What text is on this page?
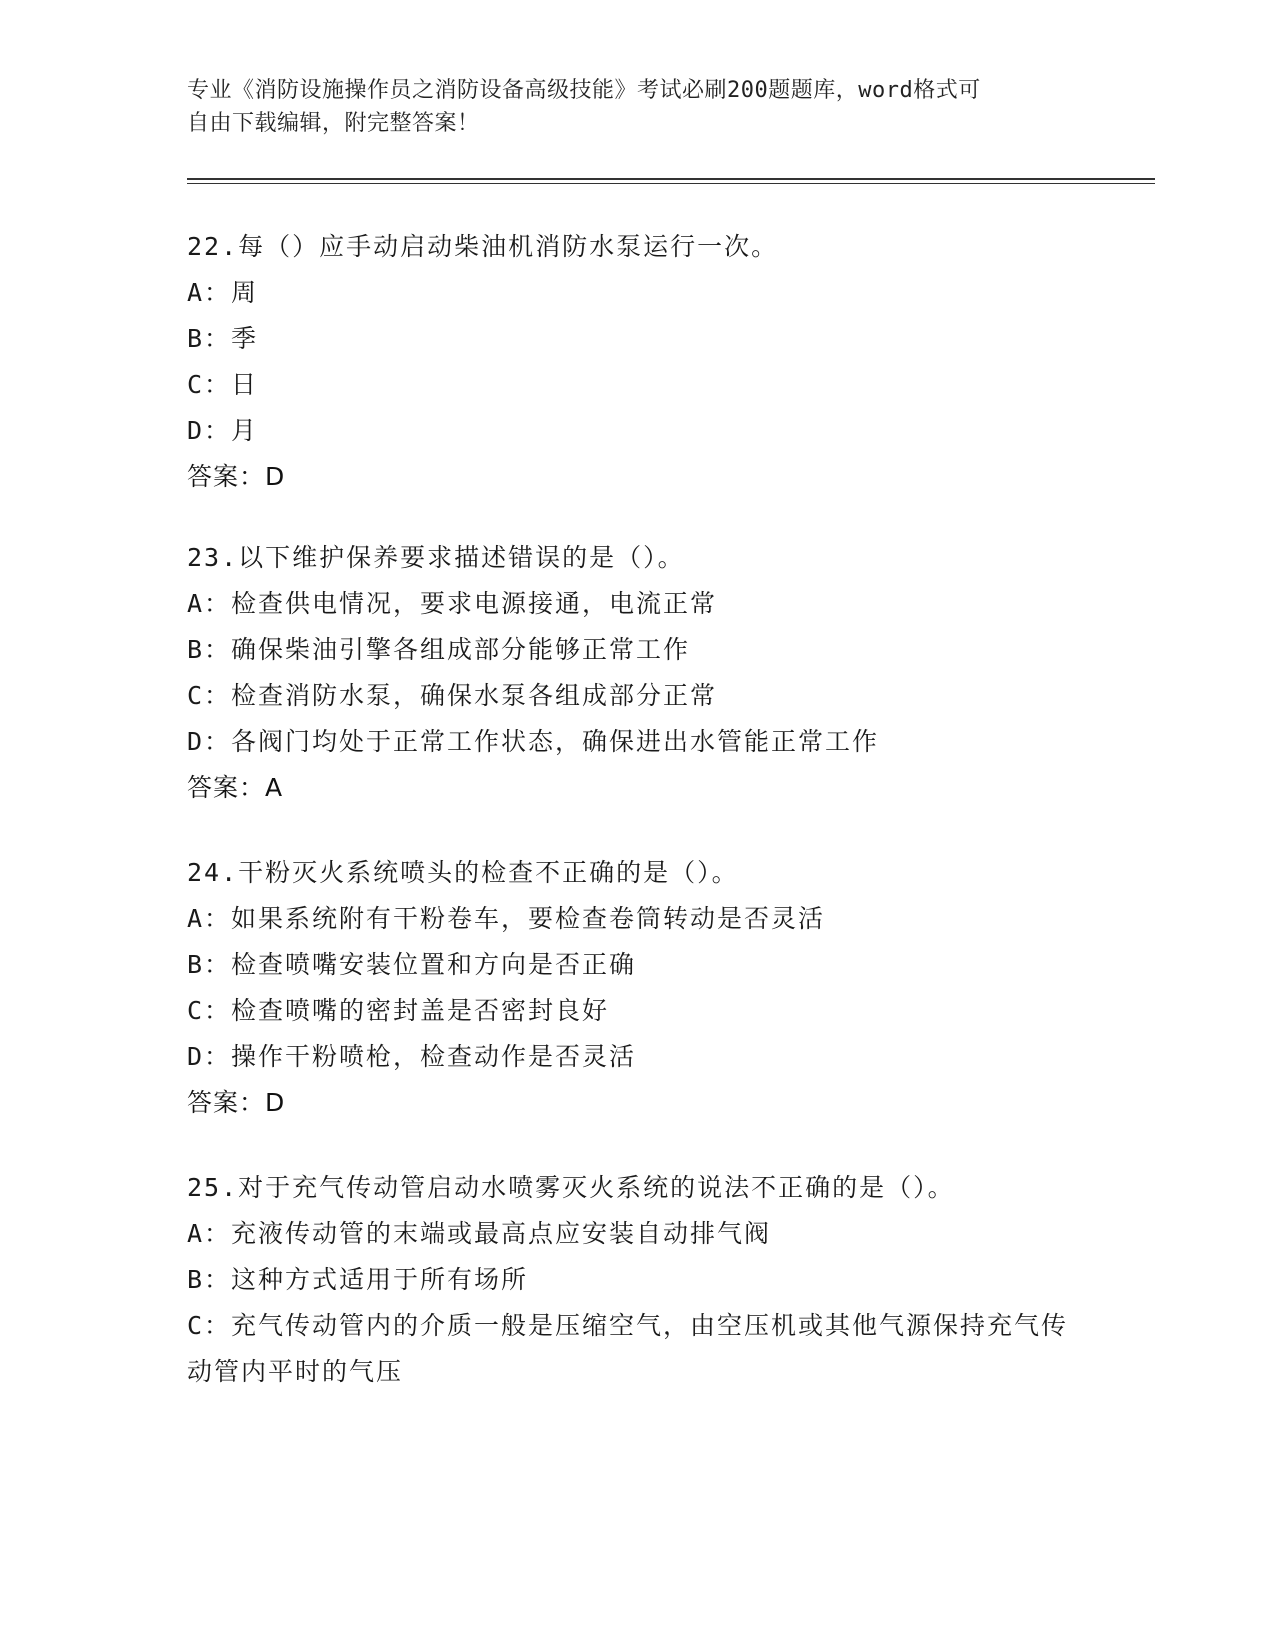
专业《消防设施操作员之消防设备高级技能》考试必刷200题题库，word格式可
自由下载编辑，附完整答案！
22.每（）应手动启动柴油机消防水泵运行一次。
A：周
B：季
C：日
D：月
答案：D
23.以下维护保养要求描述错误的是（）。
A：检查供电情况，要求电源接通，电流正常
B：确保柴油引擎各组成部分能够正常工作
C：检查消防水泵，确保水泵各组成部分正常
D：各阀门均处于正常工作状态，确保进出水管能正常工作
答案：A
24.干粉灭火系统喷头的检查不正确的是（）。
A：如果系统附有干粉卷车，要检查卷筒转动是否灵活
B：检查喷嘴安装位置和方向是否正确
C：检查喷嘴的密封盖是否密封良好
D：操作干粉喷枪，检查动作是否灵活
答案：D
25.对于充气传动管启动水喷雾灭火系统的说法不正确的是（）。
A：充液传动管的末端或最高点应安装自动排气阀
B：这种方式适用于所有场所
C：充气传动管内的介质一般是压缩空气，由空压机或其他气源保持充气传动管内平时的气压
